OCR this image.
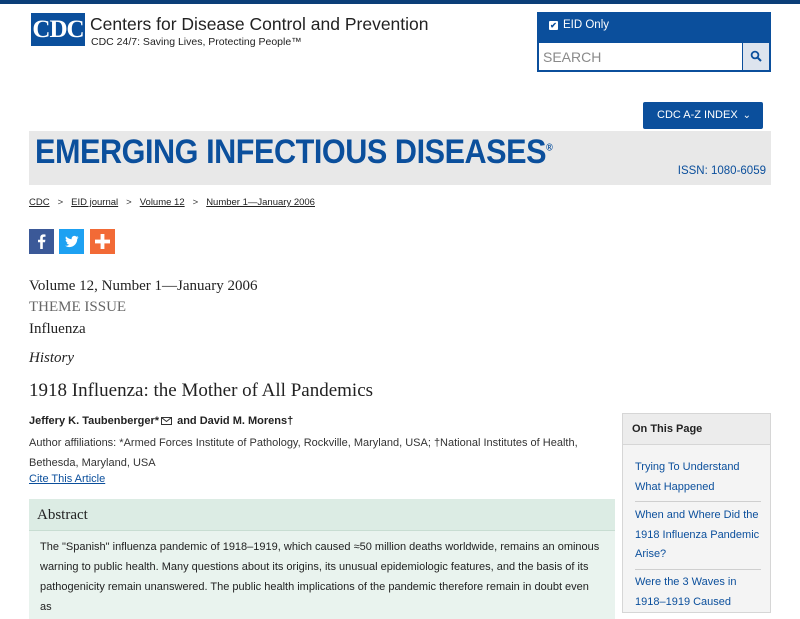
CDC Centers for Disease Control and Prevention
CDC 24/7: Saving Lives, Protecting People™
✔ EID Only
SEARCH
CDC A-Z INDEX ⌄
EMERGING INFECTIOUS DISEASES®
ISSN: 1080-6059
CDC > EID journal > Volume 12 > Number 1—January 2006
Volume 12, Number 1—January 2006
THEME ISSUE
Influenza
History
1918 Influenza: the Mother of All Pandemics
Jeffery K. Taubenberger* and David M. Morens†
Author affiliations: *Armed Forces Institute of Pathology, Rockville, Maryland, USA; †National Institutes of Health, Bethesda, Maryland, USA
Cite This Article
Abstract
The "Spanish" influenza pandemic of 1918–1919, which caused ≈50 million deaths worldwide, remains an ominous warning to public health. Many questions about its origins, its unusual epidemiologic features, and the basis of its pathogenicity remain unanswered. The public health implications of the pandemic therefore remain in doubt even as
On This Page
Trying To Understand What Happened
When and Where Did the 1918 Influenza Pandemic Arise?
Were the 3 Waves in 1918–1919 Caused
